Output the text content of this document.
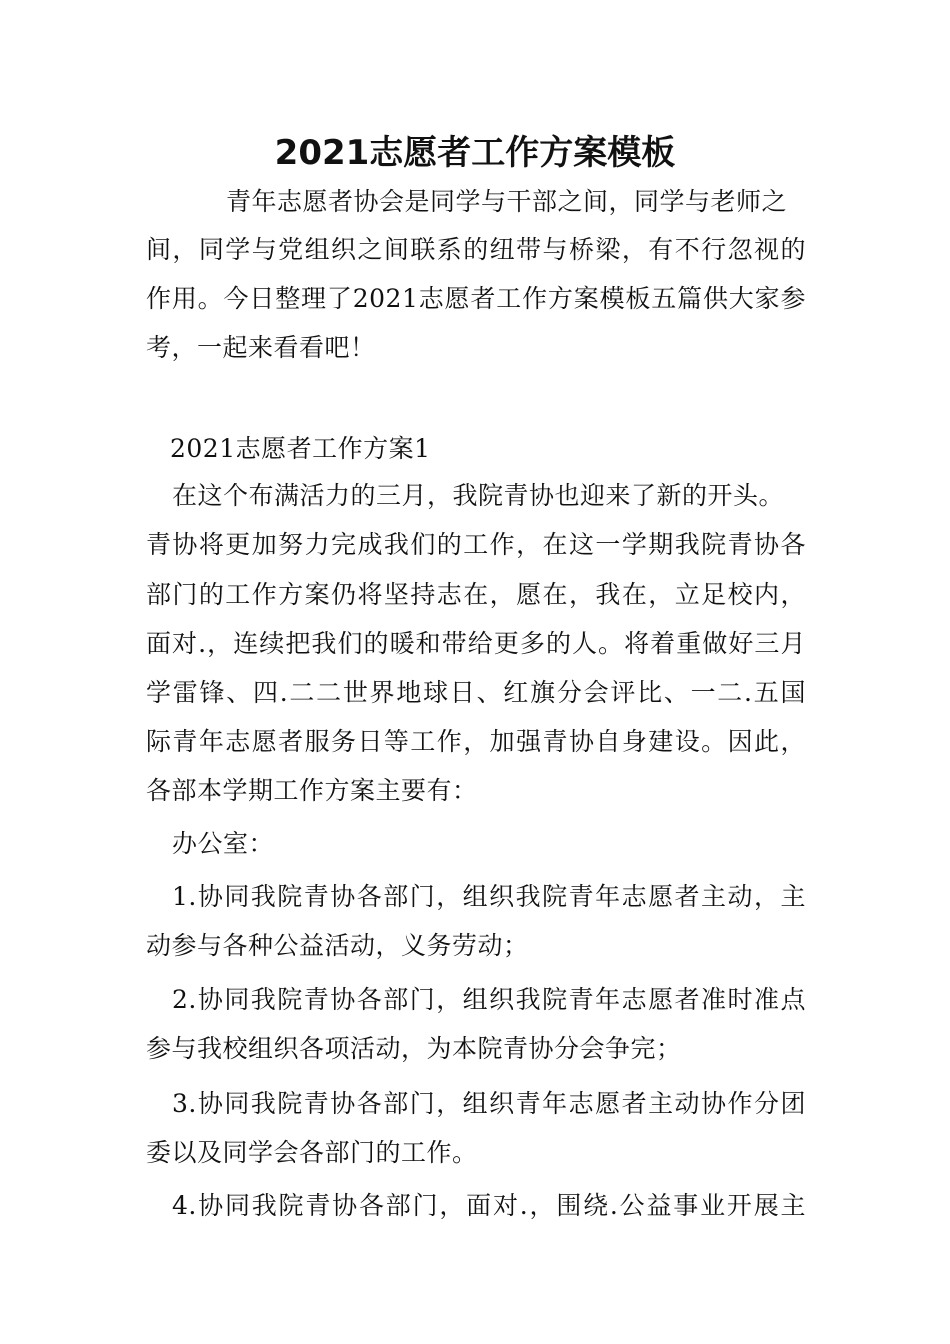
2021志愿者工作方案模板
青年志愿者协会是同学与干部之间，同学与老师之
间，同学与党组织之间联系的纽带与桥梁，有不行忽视的
作用。今日整理了2021志愿者工作方案模板五篇供大家参
考，一起来看看吧！
2021志愿者工作方案1
在这个布满活力的三月，我院青协也迎来了新的开头。
青协将更加努力完成我们的工作，在这一学期我院青协各
部门的工作方案仍将坚持志在，愿在，我在，立足校内，
面对.，连续把我们的暖和带给更多的人。将着重做好三月
学雷锋、四.二二世界地球日、红旗分会评比、一二.五国
际青年志愿者服务日等工作，加强青协自身建设。因此，
各部本学期工作方案主要有：
办公室：
1.协同我院青协各部门，组织我院青年志愿者主动，主
动参与各种公益活动，义务劳动；
2.协同我院青协各部门，组织我院青年志愿者准时准点
参与我校组织各项活动，为本院青协分会争完；
3.协同我院青协各部门，组织青年志愿者主动协作分团
委以及同学会各部门的工作。
4.协同我院青协各部门，面对.，围绕.公益事业开展主
